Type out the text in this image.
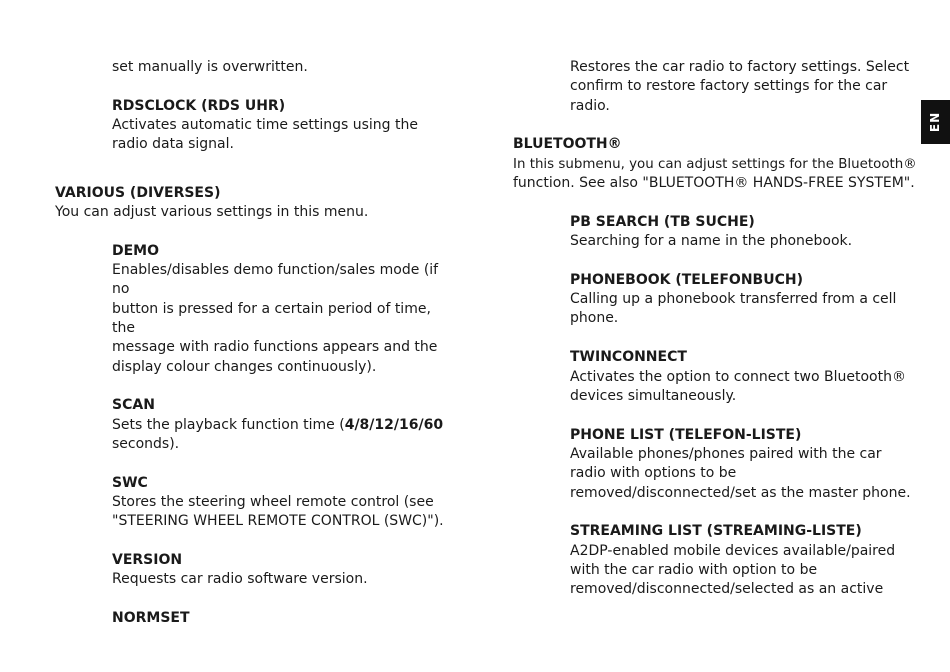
set manually is overwritten.
RDSCLOCK (RDS UHR)
Activates automatic time settings using the
radio data signal.
VARIOUS (DIVERSES)
You can adjust various settings in this menu.
DEMO
Enables/disables demo function/sales mode (if no
button is pressed for a certain period of time, the
message with radio functions appears and the
display colour changes continuously).
SCAN
Sets the playback function time (4/8/12/16/60
seconds).
SWC
Stores the steering wheel remote control (see
"STEERING WHEEL REMOTE CONTROL (SWC)").
VERSION
Requests car radio software version.
NORMSET
Restores the car radio to factory settings. Select
confirm to restore factory settings for the car
radio.
BLUETOOTH®
In this submenu, you can adjust settings for the Bluetooth®
function. See also "BLUETOOTH® HANDS-FREE SYSTEM".
PB SEARCH (TB SUCHE)
Searching for a name in the phonebook.
PHONEBOOK (TELEFONBUCH)
Calling up a phonebook transferred from a cell
phone.
TWINCONNECT
Activates the option to connect two Bluetooth®
devices simultaneously.
PHONE LIST (TELEFON-LISTE)
Available phones/phones paired with the car
radio with options to be
removed/disconnected/set as the master phone.
STREAMING LIST (STREAMING-LISTE)
A2DP-enabled mobile devices available/paired
with the car radio with option to be
removed/disconnected/selected as an active
EN
